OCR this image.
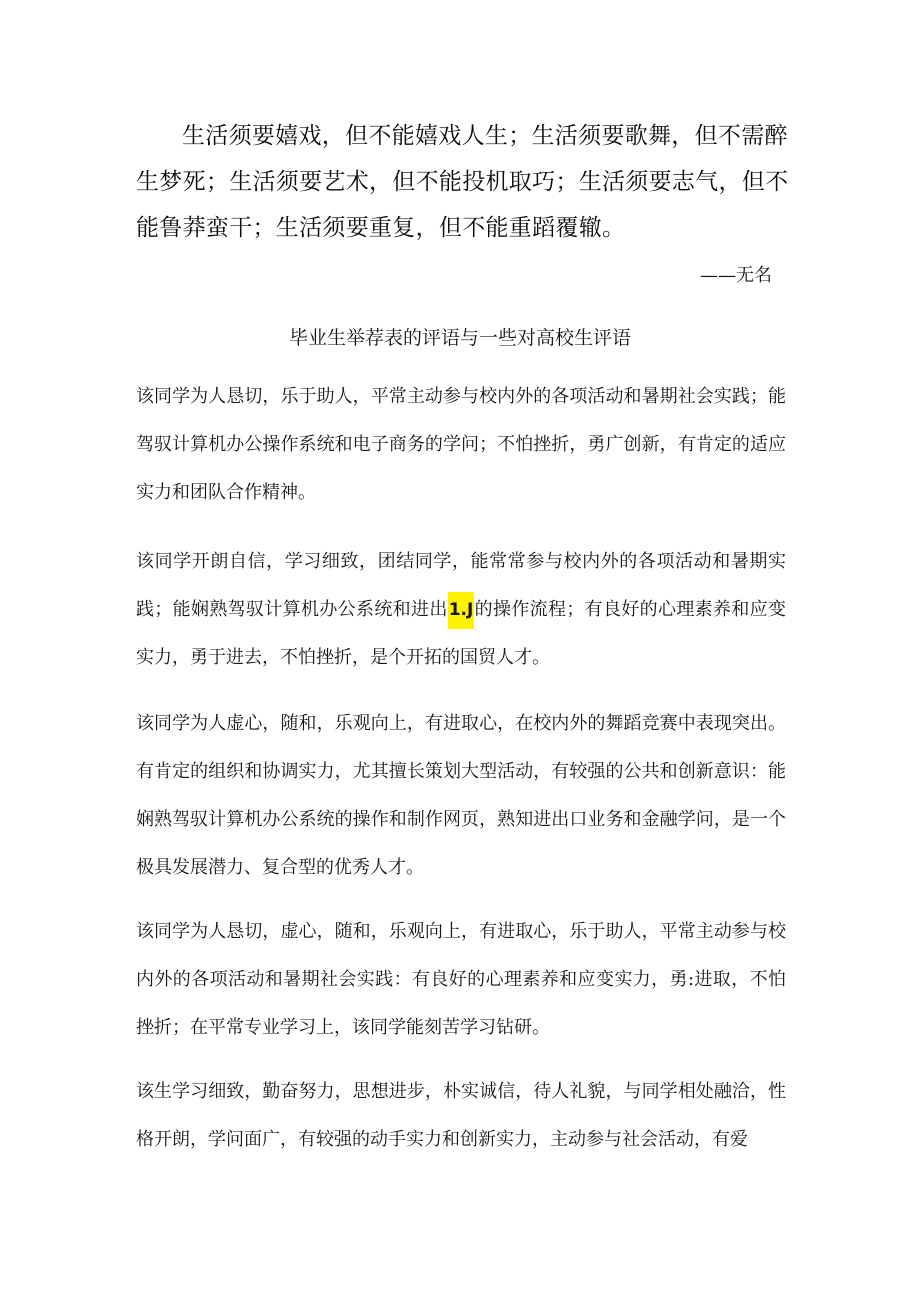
生活须要嬉戏，但不能嬉戏人生；生活须要歌舞，但不需醉生梦死；生活须要艺术，但不能投机取巧；生活须要志气，但不能鲁莽蛮干；生活须要重复，但不能重蹈覆辙。

——无名

毕业生举荐表的评语与一些对高校生评语

该同学为人恳切，乐于助人，平常主动参与校内外的各项活动和暑期社会实践；能驾驭计算机办公操作系统和电子商务的学问；不怕挫折，勇广创新，有肯定的适应实力和团队合作精神。

该同学开朗自信，学习细致，团结同学，能常常参与校内外的各项活动和暑期实践；能娴熟驾驭计算机办公系统和进出1.J的操作流程；有良好的心理素养和应变实力，勇于进去，不怕挫折，是个开拓的国贸人才。

该同学为人虚心，随和，乐观向上，有进取心，在校内外的舞蹈竞赛中表现突出。有肯定的组织和协调实力，尤其擅长策划大型活动，有较强的公共和创新意识：能娴熟驾驭计算机办公系统的操作和制作网页，熟知进出口业务和金融学问，是一个极具发展潜力、复合型的优秀人才。

该同学为人恳切，虚心，随和，乐观向上，有进取心，乐于助人，平常主动参与校内外的各项活动和暑期社会实践：有良好的心理素养和应变实力，勇:进取，不怕挫折；在平常专业学习上，该同学能刻苦学习钻研。

该生学习细致，勤奋努力，思想进步，朴实诚信，待人礼貌，与同学相处融洽，性格开朗，学问面广，有较强的动手实力和创新实力，主动参与社会活动，有爱
